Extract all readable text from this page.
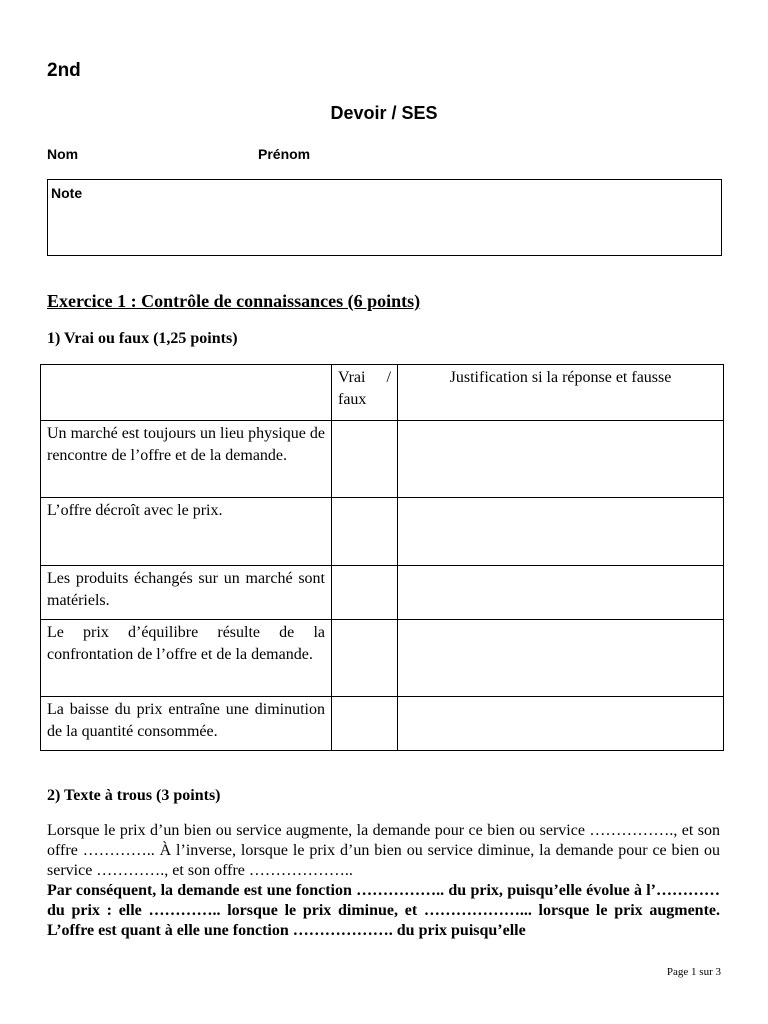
2nd
Devoir / SES
Nom	Prénom
Note
Exercice 1 : Contrôle de connaissances (6 points)
1) Vrai ou faux (1,25 points)
	Vrai / faux	Justification si la réponse et fausse
Un marché est toujours un lieu physique de rencontre de l’offre et de la demande.		
L’offre décroît avec le prix.		
Les produits échangés sur un marché sont matériels.		
Le prix d’équilibre résulte de la confrontation de l’offre et de la demande.		
La baisse du prix entraîne une diminution de la quantité consommée.		
2) Texte à trous (3 points)

Lorsque le prix d’un bien ou service augmente, la demande pour ce bien ou service ……………., et son offre ………….. À l’inverse, lorsque le prix d’un bien ou service diminue, la demande pour ce bien ou service …………., et son offre ………………..

Par conséquent, la demande est une fonction …………….. du prix, puisqu’elle évolue à l’………… du prix : elle ………….. lorsque le prix diminue, et ………………... lorsque le prix augmente. L’offre est quant à elle une fonction ………………. du prix puisqu’elle

Page 1 sur 3
